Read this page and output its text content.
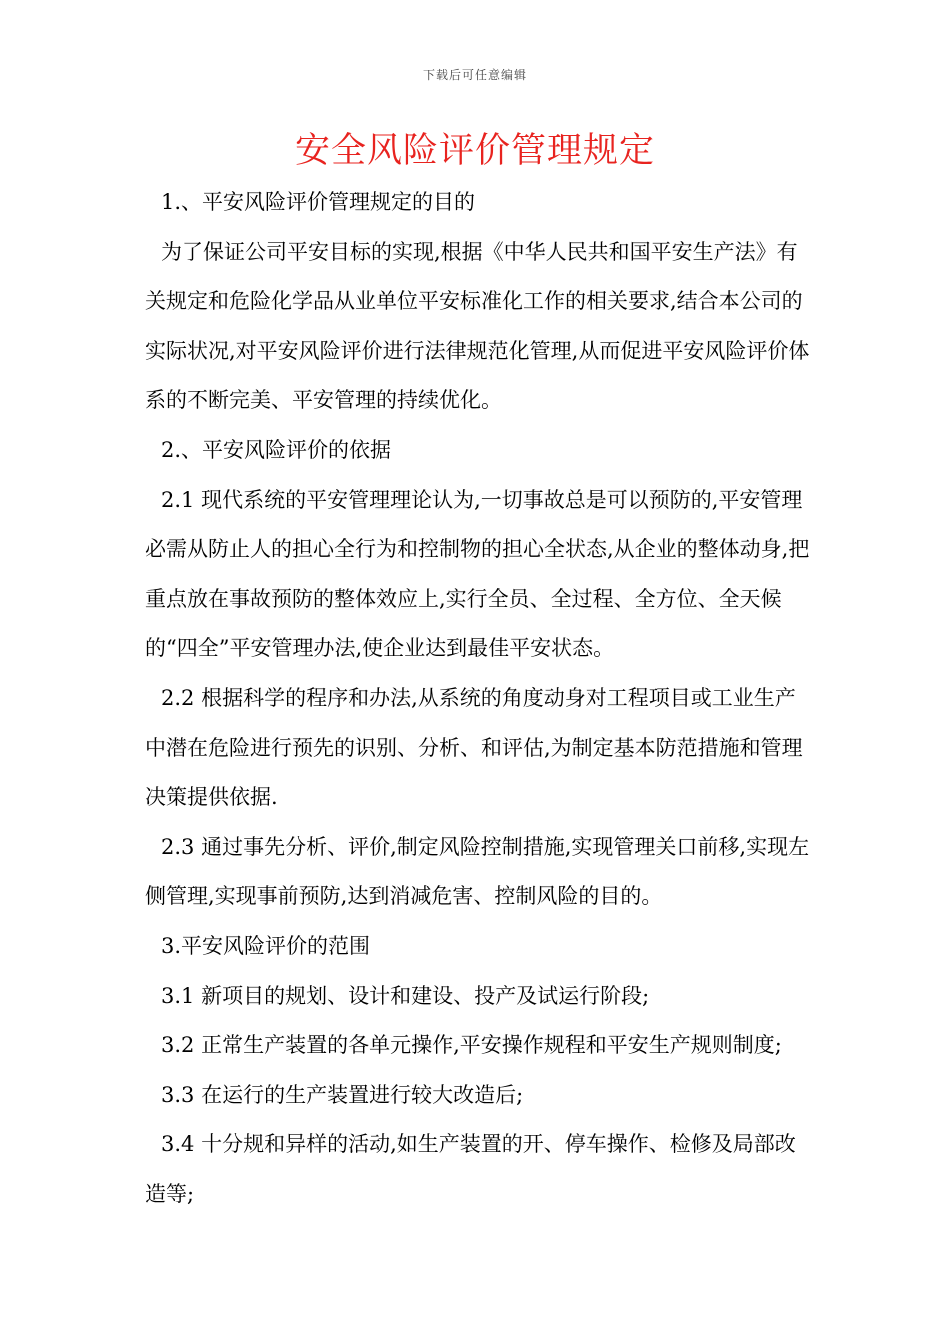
下载后可任意编辑
安全风险评价管理规定

1.、平安风险评价管理规定的目的

为了保证公司平安目标的实现,根据《中华人民共和国平安生产法》有关规定和危险化学品从业单位平安标准化工作的相关要求,结合本公司的实际状况,对平安风险评价进行法律规范化管理,从而促进平安风险评价体系的不断完美、平安管理的持续优化。

2.、平安风险评价的依据

2.1 现代系统的平安管理理论认为,一切事故总是可以预防的,平安管理必需从防止人的担心全行为和控制物的担心全状态,从企业的整体动身,把重点放在事故预防的整体效应上,实行全员、全过程、全方位、全天候的“四全”平安管理办法,使企业达到最佳平安状态。

2.2 根据科学的程序和办法,从系统的角度动身对工程项目或工业生产中潜在危险进行预先的识别、分析、和评估,为制定基本防范措施和管理决策提供依据.

2.3 通过事先分析、评价,制定风险控制措施,实现管理关口前移,实现左侧管理,实现事前预防,达到消减危害、控制风险的目的。

3.平安风险评价的范围

3.1 新项目的规划、设计和建设、投产及试运行阶段;

3.2 正常生产装置的各单元操作,平安操作规程和平安生产规则制度;

3.3 在运行的生产装置进行较大改造后;

3.4 十分规和异样的活动,如生产装置的开、停车操作、检修及局部改造等;
